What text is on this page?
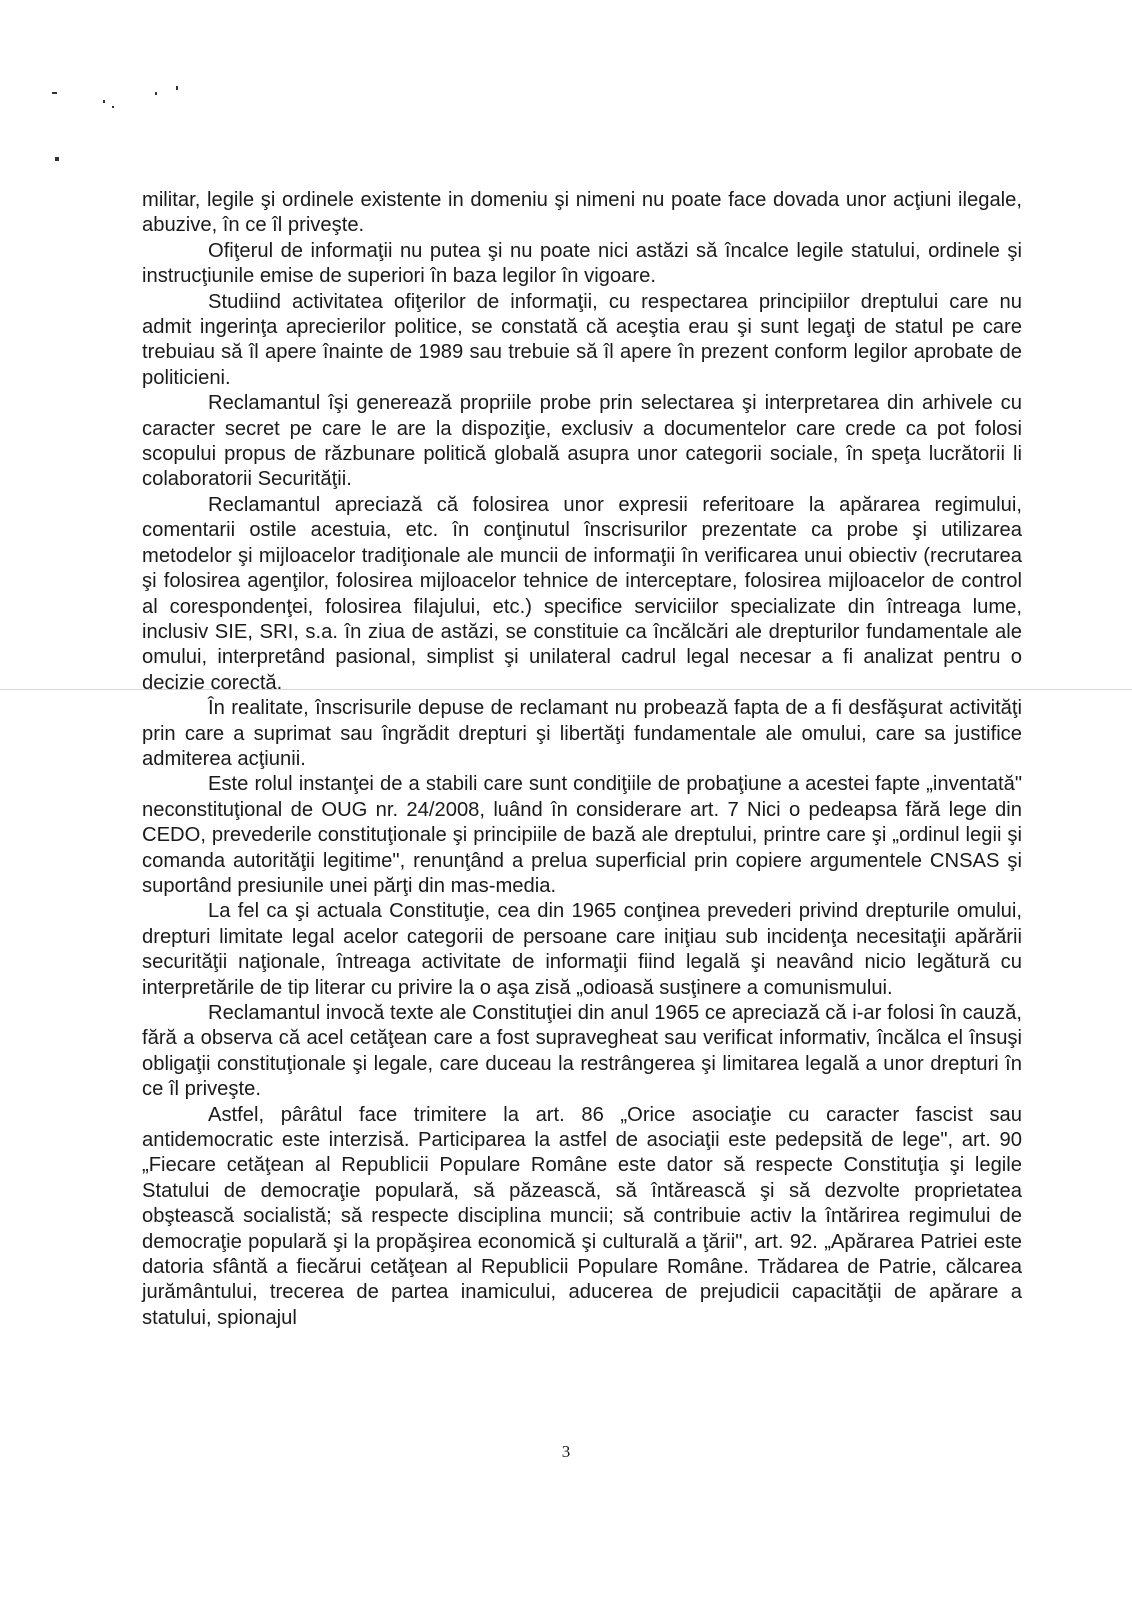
militar, legile şi ordinele existente in domeniu şi nimeni nu poate face dovada unor acţiuni ilegale, abuzive, în ce îl priveşte.

Ofiţerul de informaţii nu putea şi nu poate nici astăzi să încalce legile statului, ordinele şi instrucţiunile emise de superiori în baza legilor în vigoare.

Studiind activitatea ofiţerilor de informaţii, cu respectarea principiilor dreptului care nu admit ingerinţa aprecierilor politice, se constată că aceştia erau şi sunt legaţi de statul pe care trebuiau să îl apere înainte de 1989 sau trebuie să îl apere în prezent conform legilor aprobate de politicieni.

Reclamantul îşi generează propriile probe prin selectarea şi interpretarea din arhivele cu caracter secret pe care le are la dispoziţie, exclusiv a documentelor care crede ca pot folosi scopului propus de răzbunare politică globală asupra unor categorii sociale, în speţa lucrătorii li colaboratorii Securităţii.

Reclamantul apreciază că folosirea unor expresii referitoare la apărarea regimului, comentarii ostile acestuia, etc. în conţinutul înscrisurilor prezentate ca probe şi utilizarea metodelor şi mijloacelor tradiţionale ale muncii de informaţii în verificarea unui obiectiv (recrutarea şi folosirea agenţilor, folosirea mijloacelor tehnice de interceptare, folosirea mijloacelor de control al corespondenţei, folosirea filajului, etc.) specifice serviciilor specializate din întreaga lume, inclusiv SIE, SRI, s.a. în ziua de astăzi, se constituie ca încălcări ale drepturilor fundamentale ale omului, interpretând pasional, simplist şi unilateral cadrul legal necesar a fi analizat pentru o decizie corectă.

În realitate, înscrisurile depuse de reclamant nu probează fapta de a fi desfăşurat activităţi prin care a suprimat sau îngrădit drepturi şi libertăţi fundamentale ale omului, care sa justifice admiterea acţiunii.

Este rolul instanţei de a stabili care sunt condiţiile de probaţiune a acestei fapte „inventată" neconstituţional de OUG nr. 24/2008, luând în considerare art. 7 Nici o pedeapsa fără lege din CEDO, prevederile constituţionale şi principiile de bază ale dreptului, printre care şi „ordinul legii şi comanda autorităţii legitime", renunţând a prelua superficial prin copiere argumentele CNSAS şi suportând presiunile unei părţi din mas-media.

La fel ca şi actuala Constituţie, cea din 1965 conţinea prevederi privind drepturile omului, drepturi limitate legal acelor categorii de persoane care iniţiau sub incidenţa necesitaţii apărării securităţii naţionale, întreaga activitate de informaţii fiind legală şi neavând nicio legătură cu interpretările de tip literar cu privire la o aşa zisă „odioasă susţinere a comunismului.

Reclamantul invocă texte ale Constituţiei din anul 1965 ce apreciază că i-ar folosi în cauză, fără a observa că acel cetăţean care a fost supravegheat sau verificat informativ, încălca el însuşi obligaţii constituţionale şi legale, care duceau la restrângerea şi limitarea legală a unor drepturi în ce îl priveşte.

Astfel, pârâtul face trimitere la art. 86 „Orice asociaţie cu caracter fascist sau antidemocratic este interzisă. Participarea la astfel de asociaţii este pedepsită de lege", art. 90 „Fiecare cetăţean al Republicii Populare Române este dator să respecte Constituţia şi legile Statului de democraţie populară, să păzească, să întărească şi să dezvolte proprietatea obştească socialistă; să respecte disciplina muncii; să contribuie activ la întărirea regimului de democraţie populară şi la propăşirea economică şi culturală a ţării", art. 92. „Apărarea Patriei este datoria sfântă a fiecărui cetăţean al Republicii Populare Române. Trădarea de Patrie, călcarea jurământului, trecerea de partea inamicului, aducerea de prejudicii capacităţii de apărare a statului, spionajul

3
